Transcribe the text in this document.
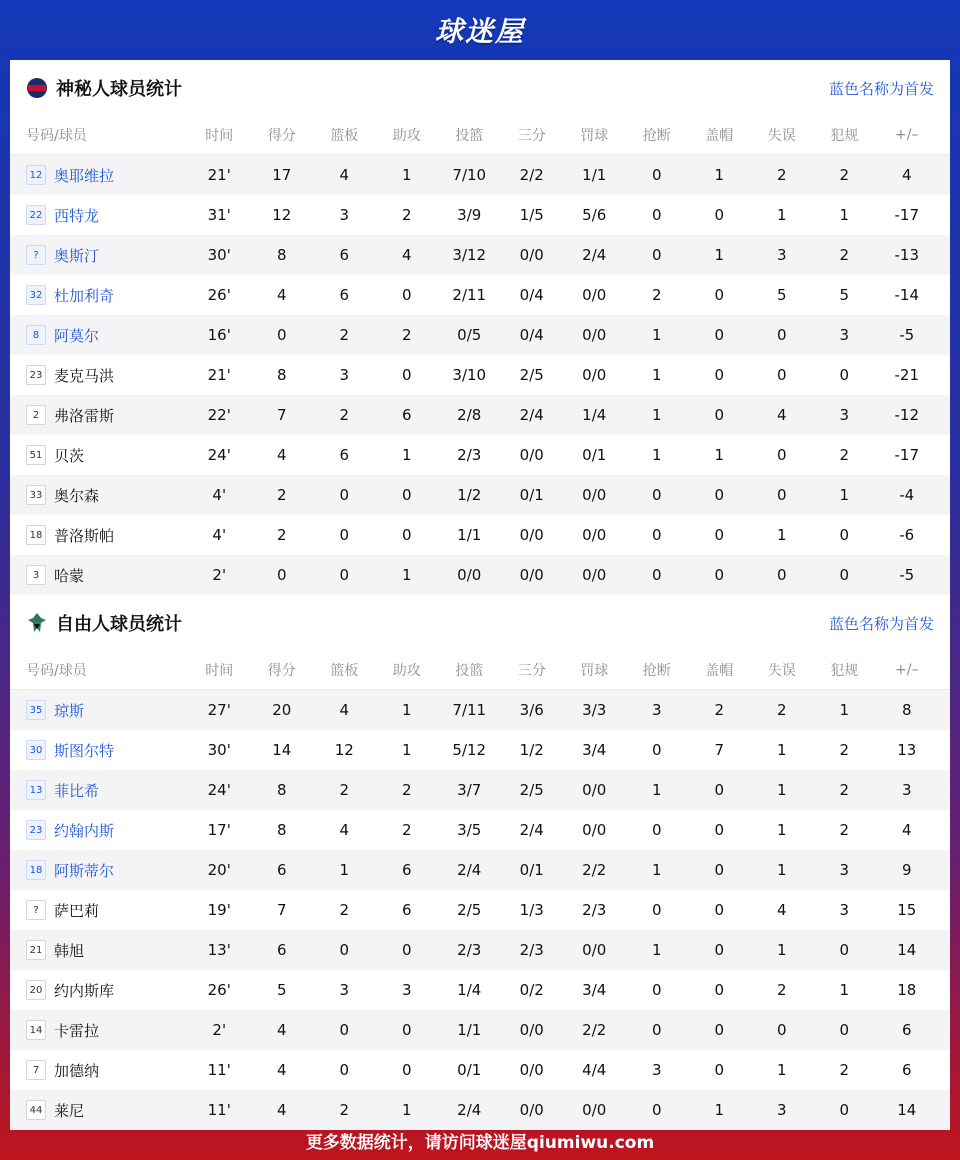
球迷屋
神秘人球员统计	蓝色名称为首发
号码/球员	时间	得分	篮板	助攻	投篮	三分	罚球	抢断	盖帽	失误	犯规	+/–
12 奥耶维拉	21'	17	4	1	7/10	2/2	1/1	0	1	2	2	4
22 西特龙	31'	12	3	2	3/9	1/5	5/6	0	0	1	1	-17
?	奥斯汀	30'	8	6	4	3/12	0/0	2/4	0	1	3	2	-13
32 杜加利奇	26'	4	6	0	2/11	0/4	0/0	2	0	5	5	-14
8 阿莫尔	16'	0	2	2	0/5	0/4	0/0	1	0	0	3	-5
23 麦克马洪	21'	8	3	0	3/10	2/5	0/0	1	0	0	0	-21
2 弗洛雷斯	22'	7	2	6	2/8	2/4	1/4	1	0	4	3	-12
51 贝茨	24'	4	6	1	2/3	0/0	0/1	1	1	0	2	-17
33 奥尔森	4'	2	0	0	1/2	0/1	0/0	0	0	0	1	-4
18 普洛斯帕	4'	2	0	0	1/1	0/0	0/0	0	0	1	0	-6
3 哈蒙	2'	0	0	1	0/0	0/0	0/0	0	0	0	0	-5
自由人球员统计	蓝色名称为首发
号码/球员	时间	得分	篮板	助攻	投篮	三分	罚球	抢断	盖帽	失误	犯规	+/–
35 琼斯	27'	20	4	1	7/11	3/6	3/3	3	2	2	1	8
30 斯图尔特	30'	14	12	1	5/12	1/2	3/4	0	7	1	2	13
13 菲比希	24'	8	2	2	3/7	2/5	0/0	1	0	1	2	3
23 约翰内斯	17'	8	4	2	3/5	2/4	0/0	0	0	1	2	4
18 阿斯蒂尔	20'	6	1	6	2/4	0/1	2/2	1	0	1	3	9
?	萨巴莉	19'	7	2	6	2/5	1/3	2/3	0	0	4	3	15
21 韩旭	13'	6	0	0	2/3	2/3	0/0	1	0	1	0	14
20 约内斯库	26'	5	3	3	1/4	0/2	3/4	0	0	2	1	18
14 卡雷拉	2'	4	0	0	1/1	0/0	2/2	0	0	0	0	6
7 加德纳	11'	4	0	0	0/1	0/0	4/4	3	0	1	2	6
44 莱尼	11'	4	2	1	2/4	0/0	0/0	0	1	3	0	14
更多数据统计，请访问球迷屋qiumiwu.com
